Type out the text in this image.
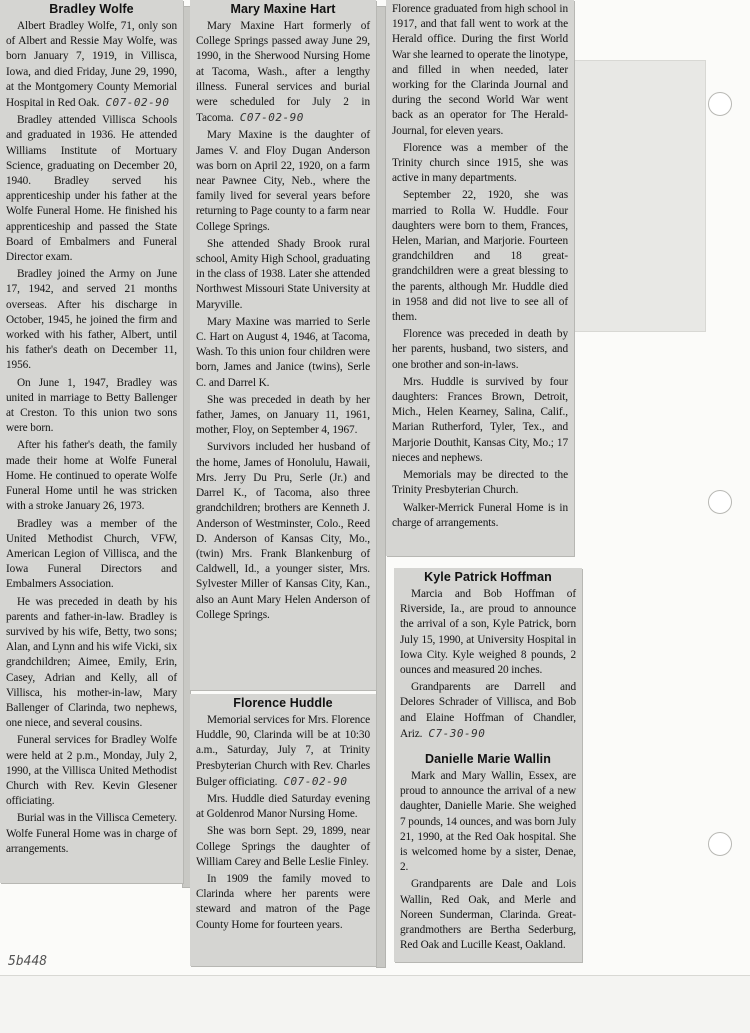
Bradley Wolfe

Albert Bradley Wolfe, 71, only son of Albert and Ressie May Wolfe, was born January 7, 1919, in Villisca, Iowa, and died Friday, June 29, 1990, at the Montgomery County Memorial Hospital in Red Oak. C07-02-90

Bradley attended Villisca Schools and graduated in 1936. He attended Williams Institute of Mortuary Science, graduating on December 20, 1940. Bradley served his apprenticeship under his father at the Wolfe Funeral Home. He finished his apprenticeship and passed the State Board of Embalmers and Funeral Director exam.

Bradley joined the Army on June 17, 1942, and served 21 months overseas. After his discharge in October, 1945, he joined the firm and worked with his father, Albert, until his father's death on December 11, 1956.

On June 1, 1947, Bradley was united in marriage to Betty Ballenger at Creston. To this union two sons were born.

After his father's death, the family made their home at Wolfe Funeral Home. He continued to operate Wolfe Funeral Home until he was stricken with a stroke January 26, 1973.

Bradley was a member of the United Methodist Church, VFW, American Legion of Villisca, and the Iowa Funeral Directors and Embalmers Association.

He was preceded in death by his parents and father-in-law. Bradley is survived by his wife, Betty, two sons; Alan, and Lynn and his wife Vicki, six grandchildren; Aimee, Emily, Erin, Casey, Adrian and Kelly, all of Villisca, his mother-in-law, Mary Ballenger of Clarinda, two nephews, one niece, and several cousins.

Funeral services for Bradley Wolfe were held at 2 p.m., Monday, July 2, 1990, at the Villisca United Methodist Church with Rev. Kevin Glesener officiating.

Burial was in the Villisca Cemetery. Wolfe Funeral Home was in charge of arrangements.

Mary Maxine Hart

Mary Maxine Hart formerly of College Springs passed away June 29, 1990, in the Sherwood Nursing Home at Tacoma, Wash., after a lengthy illness. Funeral services and burial were scheduled for July 2 in Tacoma. C07-02-90

Mary Maxine is the daughter of James V. and Floy Dugan Anderson was born on April 22, 1920, on a farm near Pawnee City, Neb., where the family lived for several years before returning to Page county to a farm near College Springs.

She attended Shady Brook rural school, Amity High School, graduating in the class of 1938. Later she attended Northwest Missouri State University at Maryville.

Mary Maxine was married to Serle C. Hart on August 4, 1946, at Tacoma, Wash. To this union four children were born, James and Janice (twins), Serle C. and Darrel K.

She was preceded in death by her father, James, on January 11, 1961, mother, Floy, on September 4, 1967.

Survivors included her husband of the home, James of Honolulu, Hawaii, Mrs. Jerry Du Pru, Serle (Jr.) and Darrel K., of Tacoma, also three grandchildren; brothers are Kenneth J. Anderson of Westminster, Colo., Reed D. Anderson of Kansas City, Mo., (twin) Mrs. Frank Blankenburg of Caldwell, Id., a younger sister, Mrs. Sylvester Miller of Kansas City, Kan., also an Aunt Mary Helen Anderson of College Springs.

Florence Huddle

Memorial services for Mrs. Florence Huddle, 90, Clarinda will be at 10:30 a.m., Saturday, July 7, at Trinity Presbyterian Church with Rev. Charles Bulger officiating. C07-02-90

Mrs. Huddle died Saturday evening at Goldenrod Manor Nursing Home.

She was born Sept. 29, 1899, near College Springs the daughter of William Carey and Belle Leslie Finley.

In 1909 the family moved to Clarinda where her parents were steward and matron of the Page County Home for fourteen years.

Florence graduated from high school in 1917, and that fall went to work at the Herald office. During the first World War she learned to operate the linotype, and filled in when needed, later working for the Clarinda Journal and during the second World War went back as an operator for The Herald-Journal, for eleven years.

Florence was a member of the Trinity church since 1915, she was active in many departments.

September 22, 1920, she was married to Rolla W. Huddle. Four daughters were born to them, Frances, Helen, Marian, and Marjorie. Fourteen grandchildren and 18 great-grandchildren were a great blessing to the parents, although Mr. Huddle died in 1958 and did not live to see all of them.

Florence was preceded in death by her parents, husband, two sisters, and one brother and son-in-laws.

Mrs. Huddle is survived by four daughters: Frances Brown, Detroit, Mich., Helen Kearney, Salina, Calif., Marian Rutherford, Tyler, Tex., and Marjorie Douthit, Kansas City, Mo.; 17 nieces and nephews.

Memorials may be directed to the Trinity Presbyterian Church.

Walker-Merrick Funeral Home is in charge of arrangements.

Kyle Patrick Hoffman

Marcia and Bob Hoffman of Riverside, Ia., are proud to announce the arrival of a son, Kyle Patrick, born July 15, 1990, at University Hospital in Iowa City. Kyle weighed 8 pounds, 2 ounces and measured 20 inches.

Grandparents are Darrell and Delores Schrader of Villisca, and Bob and Elaine Hoffman of Chandler, Ariz. C7-30-90

Danielle Marie Wallin

Mark and Mary Wallin, Essex, are proud to announce the arrival of a new daughter, Danielle Marie. She weighed 7 pounds, 14 ounces, and was born July 21, 1990, at the Red Oak hospital. She is welcomed home by a sister, Denae, 2.

Grandparents are Dale and Lois Wallin, Red Oak, and Merle and Noreen Sunderman, Clarinda. Great-grandmothers are Bertha Sederburg, Red Oak and Lucille Keast, Oakland.

5b448
